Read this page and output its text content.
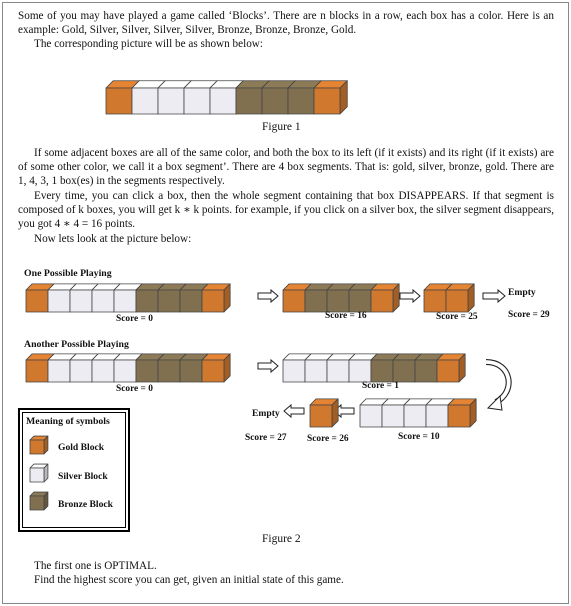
Some of you may have played a game called ‘Blocks’. There are n blocks in a row, each box has a color. Here is an example: Gold, Silver, Silver, Silver, Silver, Bronze, Bronze, Bronze, Gold.
The corresponding picture will be as shown below:

Figure 1

If some adjacent boxes are all of the same color, and both the box to its left (if it exists) and its right (if it exists) are of some other color, we call it a box segment’. There are 4 box segments. That is: gold, silver, bronze, gold. There are 1, 4, 3, 1 box(es) in the segments respectively.

Every time, you can click a box, then the whole segment containing that box DISAPPEARS. If that segment is composed of k boxes, you will get k ∗ k points. for example, if you click on a silver box, the silver segment disappears, you got 4 ∗ 4 = 16 points.

Now lets look at the picture below:

One Possible Playing
Another Possible Playing
Empty
Score = 0	Score = 16	Score = 25	Score = 29
Score = 0	Score = 1
Score = 10
Score = 26
Score = 27
Empty
Meaning of symbols
Gold Block
Silver Block
Bronze Block
Figure 2

The first one is OPTIMAL.
Find the highest score you can get, given an initial state of this game.
